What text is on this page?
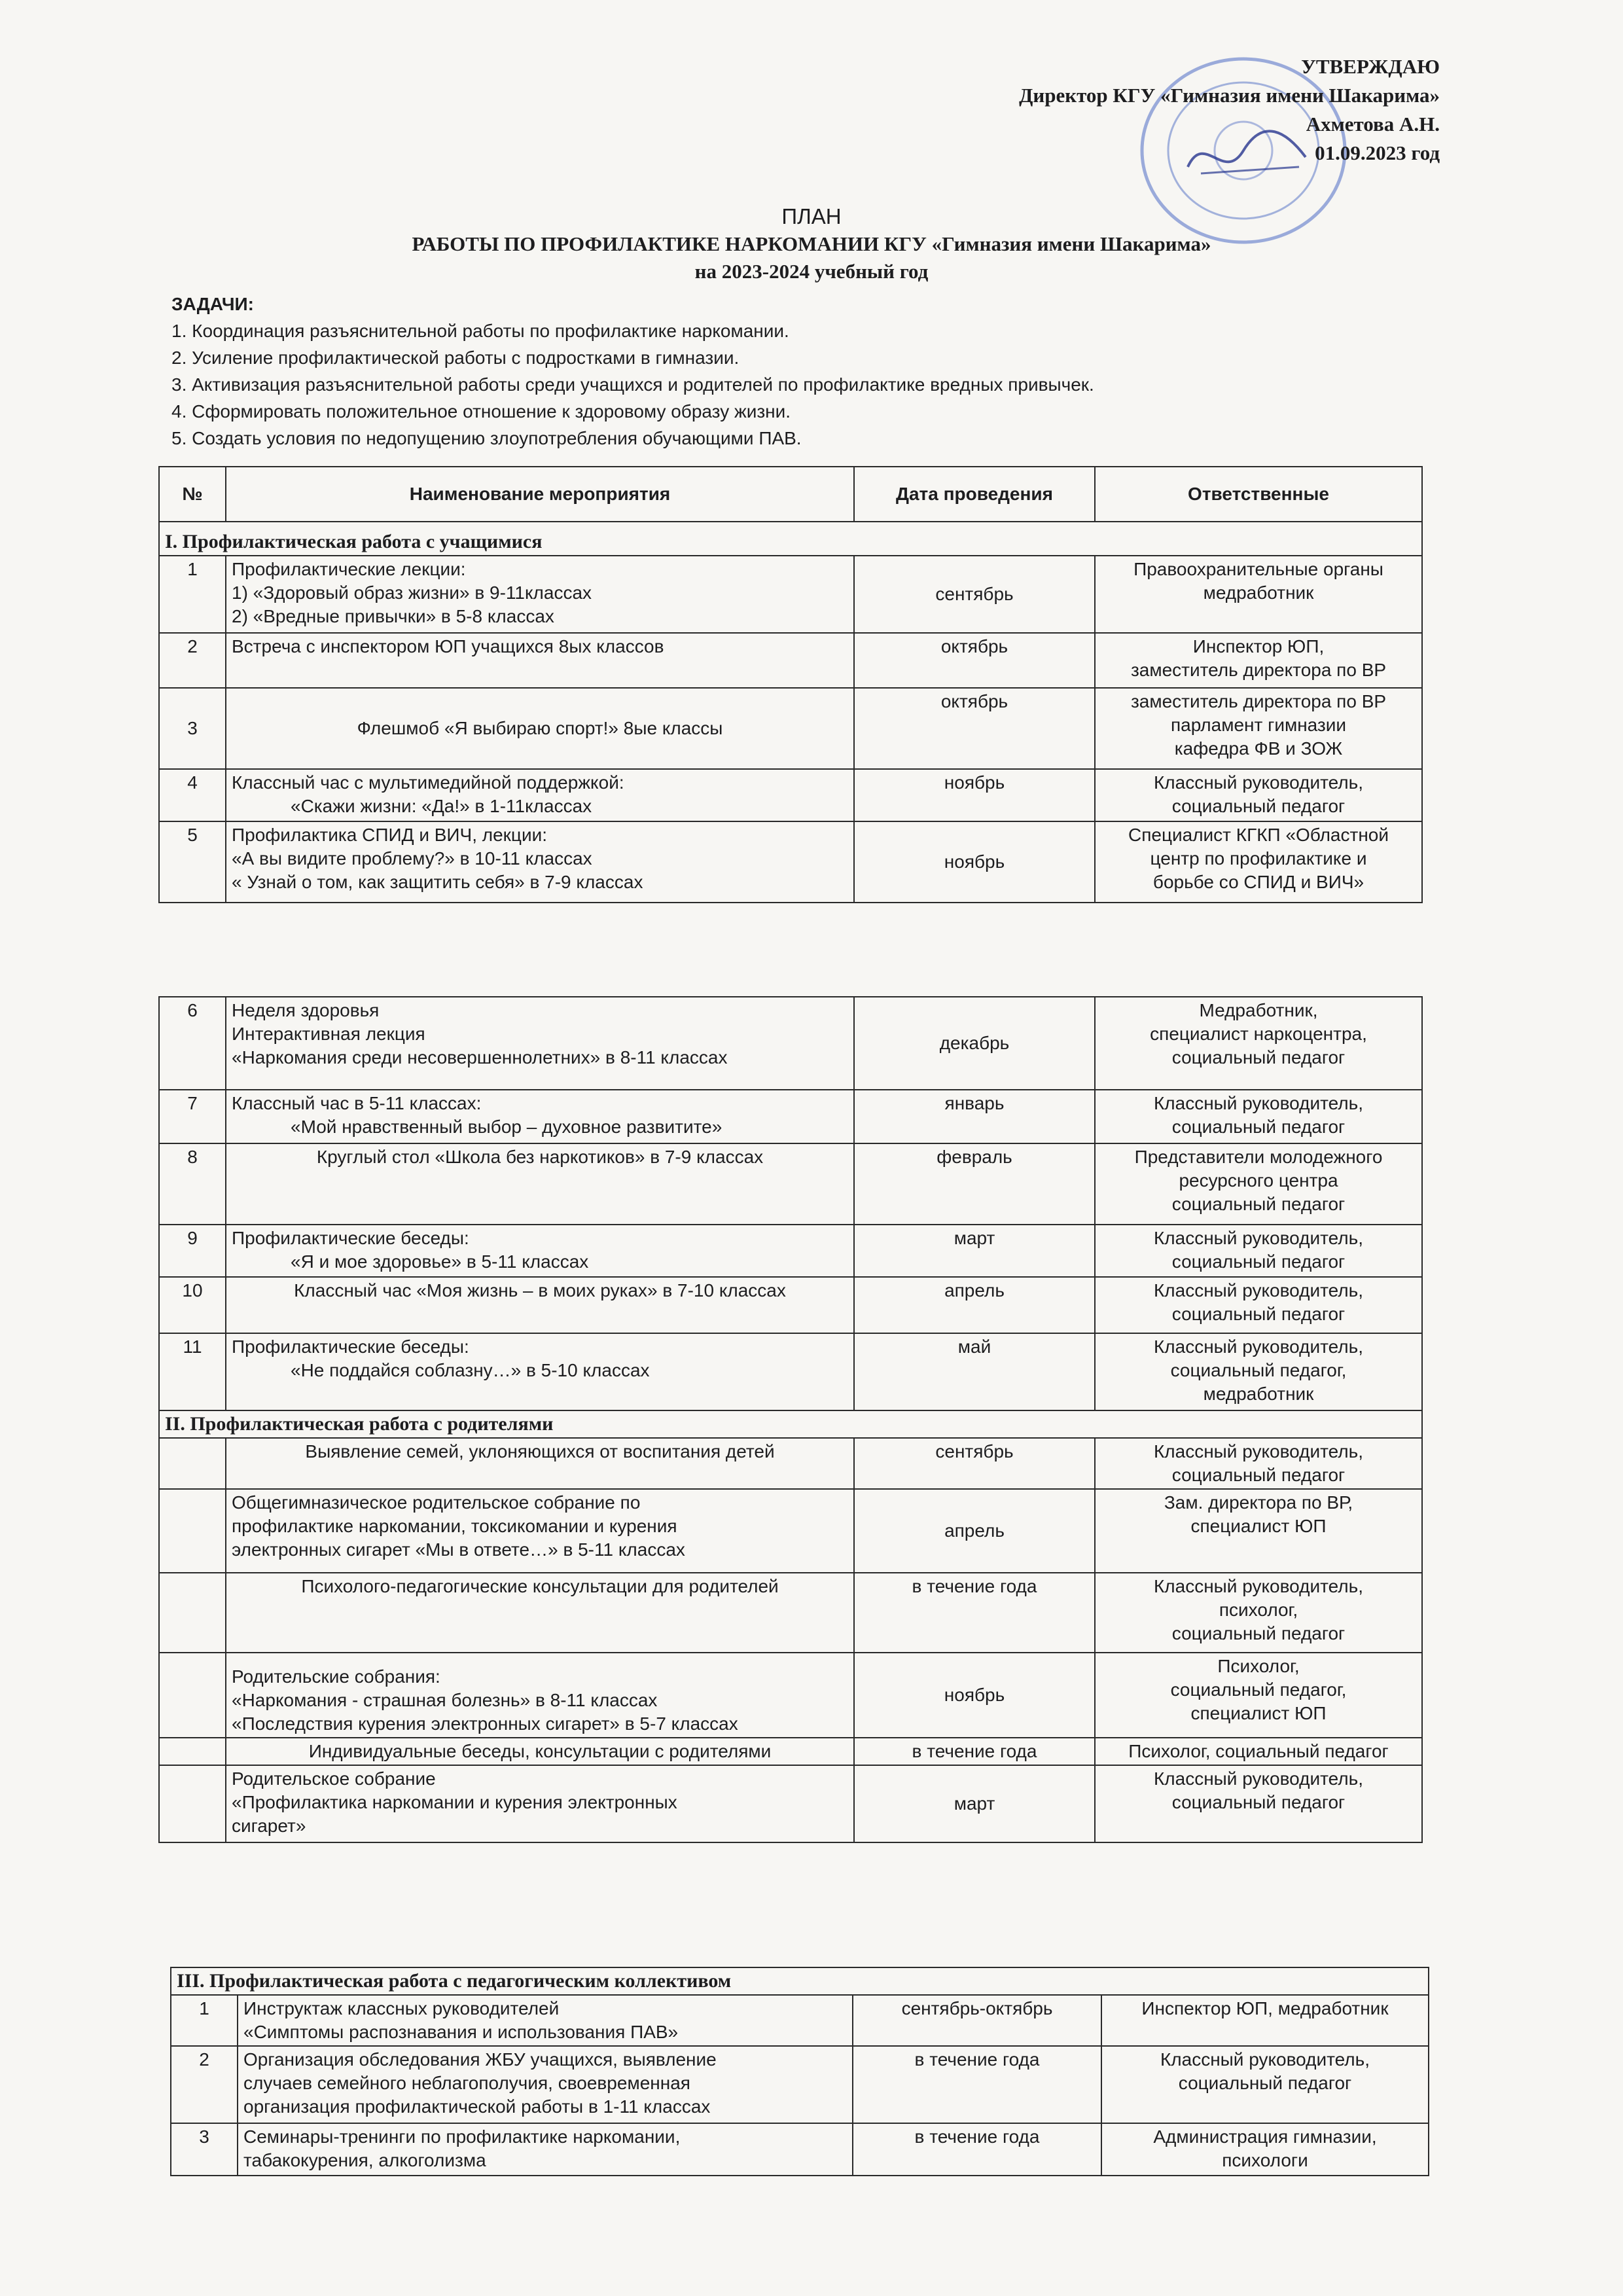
УТВЕРЖДАЮ
Директор КГУ «Гимназия имени Шакарима»
Ахметова А.Н.
01.09.2023 год
ПЛАН
РАБОТЫ ПО ПРОФИЛАКТИКЕ НАРКОМАНИИ КГУ «Гимназия имени Шакарима»
на 2023-2024 учебный год
ЗАДАЧИ:
1. Координация разъяснительной работы по профилактике наркомании.
2. Усиление профилактической работы с подростками в гимназии.
3. Активизация разъяснительной работы среди учащихся и родителей по профилактике вредных привычек.
4. Сформировать положительное отношение к здоровому образу жизни.
5. Создать условия по недопущению злоупотребления обучающими ПАВ.
№	Наименование мероприятия	Дата проведения	Ответственные
I. Профилактическая работа с учащимися			
1	Профилактические лекции:
1) «Здоровый образ жизни» в 9-11классах
2) «Вредные привычки» в 5-8 классах	сентябрь	Правоохранительные органы
медработник

2	Встреча с инспектором ЮП учащихся 8ых классов	октябрь	Инспектор ЮП,
заместитель директора по ВР

3	Флешмоб «Я выбираю спорт!» 8ые классы	октябрь	заместитель директора по ВР
парламент гимназии
кафедра ФВ и ЗОЖ

4	Классный час с мультимедийной поддержкой:
«Скажи жизни: «Да!» в 1-11классах	ноябрь	Классный руководитель,
социальный педагог

5	Профилактика СПИД и ВИЧ, лекции:
«А вы видите проблему?» в 10-11 классах
« Узнай о том, как защитить себя» в 7-9 классах	ноябрь	Специалист КГКП «Областной
центр по профилактике и
борьбе со СПИД и ВИЧ»
6	Неделя здоровья
Интерактивная лекция
«Наркомания среди несовершеннолетних» в 8-11 классах	декабрь	Медработник,
специалист наркоцентра,
социальный педагог

7	Классный час в 5-11 классах:
«Мой нравственный выбор – духовное развитите»	январь	Классный руководитель,
социальный педагог

8	Круглый стол «Школа без наркотиков» в 7-9 классах	февраль	Представители молодежного
ресурсного центра
социальный педагог

9	Профилактические беседы:
«Я и мое здоровье» в 5-11 классах	март	Классный руководитель,
социальный педагог

10	Классный час «Моя жизнь – в моих руках» в 7-10 классах	апрель	Классный руководитель,
социальный педагог

11	Профилактические беседы:
«Не поддайся соблазну…» в 5-10 классах	май	Классный руководитель,
социальный педагог,
медработник

II. Профилактическая работа с родителями			

	Выявление семей, уклоняющихся от воспитания детей	сентябрь	Классный руководитель,
социальный педагог

	Общегимназическое родительское собрание по
профилактике наркомании, токсикомании и курения
электронных сигарет «Мы в ответе…» в 5-11 классах	апрель	Зам. директора по ВР,
специалист ЮП

	Психолого-педагогические консультации для родителей	в течение года	Классный руководитель,
психолог,
социальный педагог

	Родительские собрания:
«Наркомания - страшная болезнь» в 8-11 классах
«Последствия курения электронных сигарет» в 5-7 классах	ноябрь	Психолог,
социальный педагог,
специалист ЮП

	Индивидуальные беседы, консультации с родителями	в течение года	Психолог, социальный педагог

	Родительское собрание
«Профилактика наркомании и курения электронных
сигарет»	март	Классный руководитель,
социальный педагог
III. Профилактическая работа с педагогическим коллективом			
1	Инструктаж классных руководителей
«Симптомы распознавания и использования ПАВ»	сентябрь-октябрь	Инспектор ЮП, медработник

2	Организация обследования ЖБУ учащихся, выявление
случаев семейного неблагополучия, своевременная
организация профилактической работы в 1-11 классах	в течение года	Классный руководитель,
социальный педагог

3	Семинары-тренинги по профилактике наркомании,
табакокурения, алкоголизма	в течение года	Администрация гимназии,
психологи
